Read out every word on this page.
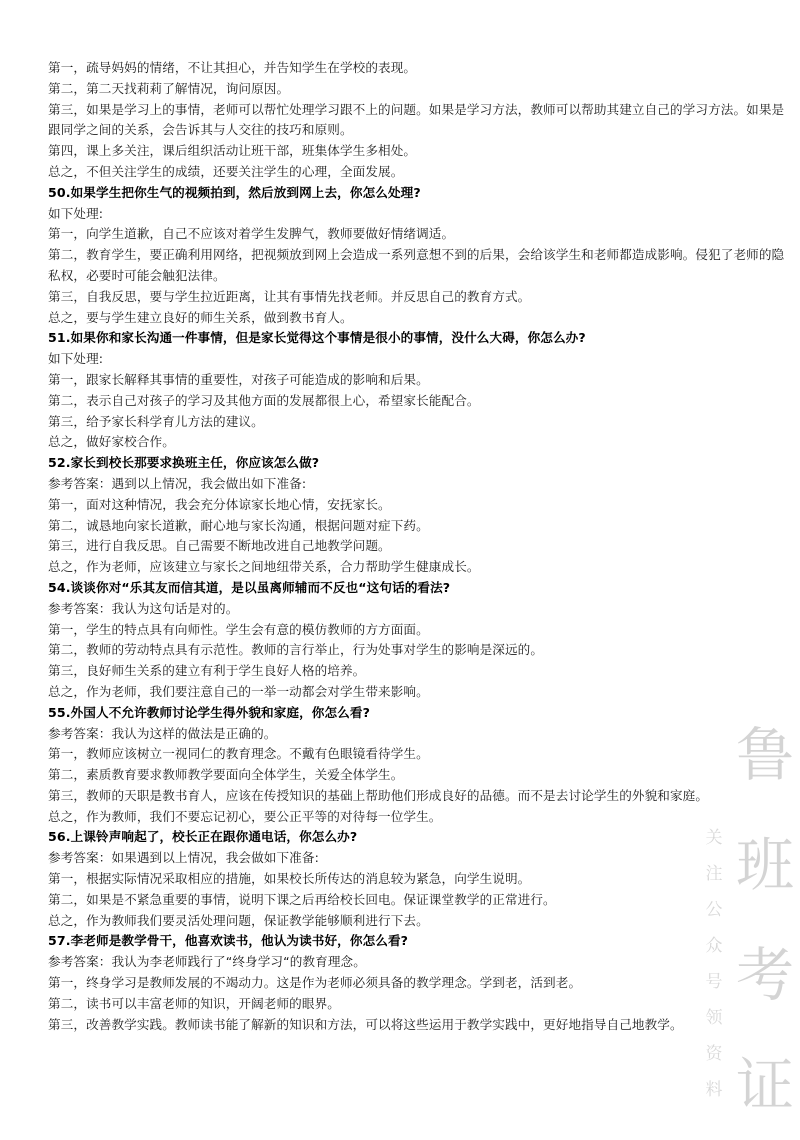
第一，疏导妈妈的情绪，不让其担心，并告知学生在学校的表现。
第二，第二天找莉莉了解情况，询问原因。
第三，如果是学习上的事情，老师可以帮忙处理学习跟不上的问题。如果是学习方法，教师可以帮助其建立自己的学习方法。如果是
跟同学之间的关系，会告诉其与人交往的技巧和原则。
第四，课上多关注，课后组织活动让班干部，班集体学生多相处。
总之，不但关注学生的成绩，还要关注学生的心理，全面发展。
50.如果学生把你生气的视频拍到，然后放到网上去，你怎么处理?
如下处理:
第一，向学生道歉，自己不应该对着学生发脾气，教师要做好情绪调适。
第二，教育学生，要正确利用网络，把视频放到网上会造成一系列意想不到的后果，会给该学生和老师都造成影响。侵犯了老师的隐
私权，必要时可能会触犯法律。
第三，自我反思，要与学生拉近距离，让其有事情先找老师。并反思自己的教育方式。
总之，要与学生建立良好的师生关系，做到教书育人。
51.如果你和家长沟通一件事情，但是家长觉得这个事情是很小的事情，没什么大碍，你怎么办?
如下处理:
第一，跟家长解释其事情的重要性，对孩子可能造成的影响和后果。
第二，表示自己对孩子的学习及其他方面的发展都很上心，希望家长能配合。
第三，给予家长科学育儿方法的建议。
总之，做好家校合作。
52.家长到校长那要求换班主任，你应该怎么做?
参考答案：遇到以上情况，我会做出如下准备:
第一，面对这种情况，我会充分体谅家长地心情，安抚家长。
第二，诚恳地向家长道歉，耐心地与家长沟通，根据问题对症下药。
第三，进行自我反思。自己需要不断地改进自己地教学问题。
总之，作为老师，应该建立与家长之间地纽带关系，合力帮助学生健康成长。
54.谈谈你对“乐其友而信其道，是以虽离师辅而不反也“这句话的看法?
参考答案：我认为这句话是对的。
第一，学生的特点具有向师性。学生会有意的模仿教师的方方面面。
第二，教师的劳动特点具有示范性。教师的言行举止，行为处事对学生的影响是深远的。
第三，良好师生关系的建立有利于学生良好人格的培养。
总之，作为老师，我们要注意自己的一举一动都会对学生带来影响。
55.外国人不允许教师讨论学生得外貌和家庭，你怎么看?
参考答案：我认为这样的做法是正确的。
第一，教师应该树立一视同仁的教育理念。不戴有色眼镜看待学生。
第二，素质教育要求教师教学要面向全体学生，关爱全体学生。
第三，教师的天职是教书育人，应该在传授知识的基础上帮助他们形成良好的品德。而不是去讨论学生的外貌和家庭。
总之，作为教师，我们不要忘记初心，要公正平等的对待每一位学生。
56.上课铃声响起了，校长正在跟你通电话，你怎么办?
参考答案：如果遇到以上情况，我会做如下准备:
第一，根据实际情况采取相应的措施，如果校长所传达的消息较为紧急，向学生说明。
第二，如果是不紧急重要的事情，说明下课之后再给校长回电。保证课堂教学的正常进行。
总之，作为教师我们要灵活处理问题，保证教学能够顺利进行下去。
57.李老师是教学骨干，他喜欢读书，他认为读书好，你怎么看?
参考答案：我认为李老师践行了“终身学习“的教育理念。
第一，终身学习是教师发展的不竭动力。这是作为老师必须具备的教学理念。学到老，活到老。
第二，读书可以丰富老师的知识，开阔老师的眼界。
第三，改善教学实践。教师读书能了解新的知识和方法，可以将这些运用于教学实践中，更好地指导自己地教学。
鲁
班
考
证
关
注
公
众
号
领
资
料
